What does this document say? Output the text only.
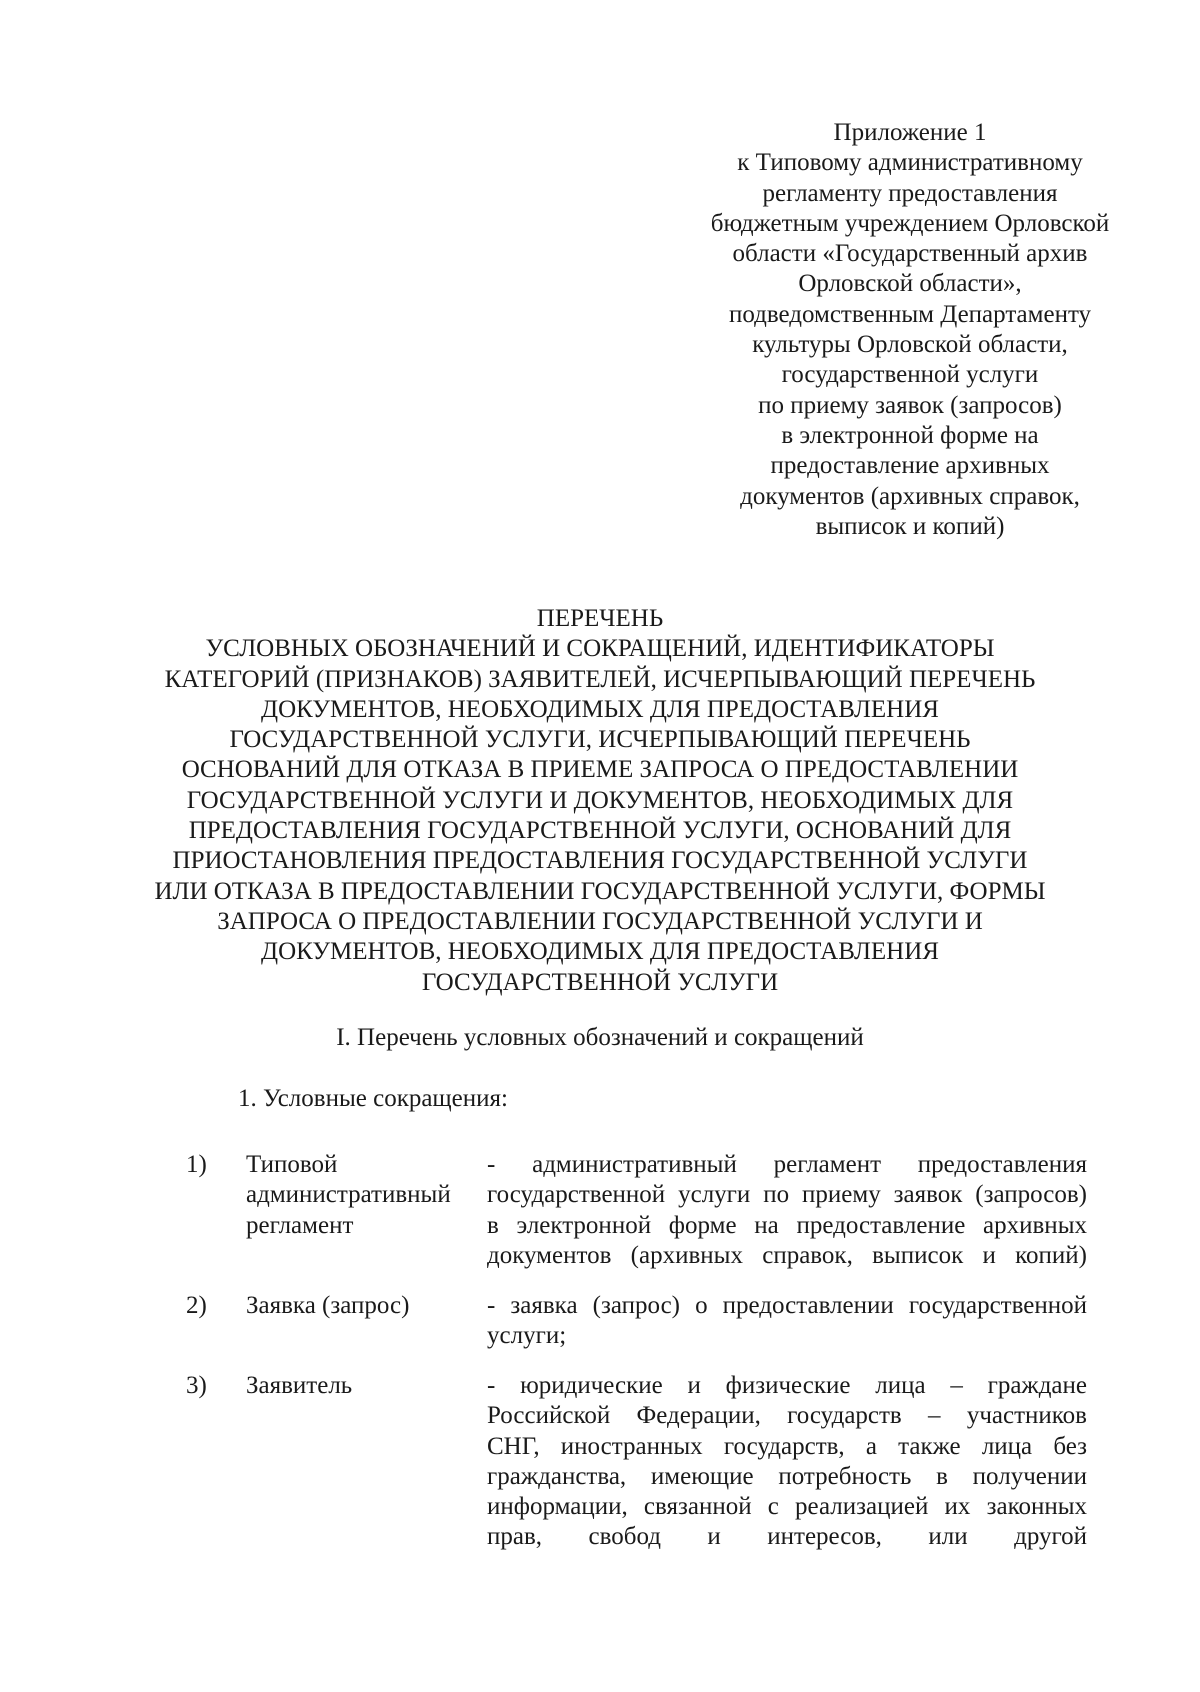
Приложение 1
к Типовому административному
регламенту предоставления
бюджетным учреждением Орловской
области «Государственный архив
Орловской области»,
подведомственным Департаменту
культуры Орловской области,
государственной услуги
по приему заявок (запросов)
в электронной форме на
предоставление архивных
документов (архивных справок,
выписок и копий)
ПЕРЕЧЕНЬ
УСЛОВНЫХ ОБОЗНАЧЕНИЙ И СОКРАЩЕНИЙ, ИДЕНТИФИКАТОРЫ
КАТЕГОРИЙ (ПРИЗНАКОВ) ЗАЯВИТЕЛЕЙ, ИСЧЕРПЫВАЮЩИЙ ПЕРЕЧЕНЬ
ДОКУМЕНТОВ, НЕОБХОДИМЫХ ДЛЯ ПРЕДОСТАВЛЕНИЯ
ГОСУДАРСТВЕННОЙ УСЛУГИ, ИСЧЕРПЫВАЮЩИЙ ПЕРЕЧЕНЬ
ОСНОВАНИЙ ДЛЯ ОТКАЗА В ПРИЕМЕ ЗАПРОСА О ПРЕДОСТАВЛЕНИИ
ГОСУДАРСТВЕННОЙ УСЛУГИ И ДОКУМЕНТОВ, НЕОБХОДИМЫХ ДЛЯ
ПРЕДОСТАВЛЕНИЯ ГОСУДАРСТВЕННОЙ УСЛУГИ, ОСНОВАНИЙ ДЛЯ
ПРИОСТАНОВЛЕНИЯ ПРЕДОСТАВЛЕНИЯ ГОСУДАРСТВЕННОЙ УСЛУГИ
ИЛИ ОТКАЗА В ПРЕДОСТАВЛЕНИИ ГОСУДАРСТВЕННОЙ УСЛУГИ, ФОРМЫ
ЗАПРОСА О ПРЕДОСТАВЛЕНИИ ГОСУДАРСТВЕННОЙ УСЛУГИ И
ДОКУМЕНТОВ, НЕОБХОДИМЫХ ДЛЯ ПРЕДОСТАВЛЕНИЯ
ГОСУДАРСТВЕННОЙ УСЛУГИ
I. Перечень условных обозначений и сокращений
1. Условные сокращения:
1) Типовой
административный
регламент
- административный регламент предоставления
государственной услуги по приему заявок (запросов)
в электронной форме на предоставление архивных
документов (архивных справок, выписок и копий)
2) Заявка (запрос)	- заявка (запрос) о предоставлении государственной
услуги;
3) Заявитель	- юридические и физические лица – граждане
Российской Федерации, государств – участников
СНГ, иностранных государств, а также лица без
гражданства, имеющие потребность в получении
информации, связанной с реализацией их законных
прав, свобод и интересов, или другой
